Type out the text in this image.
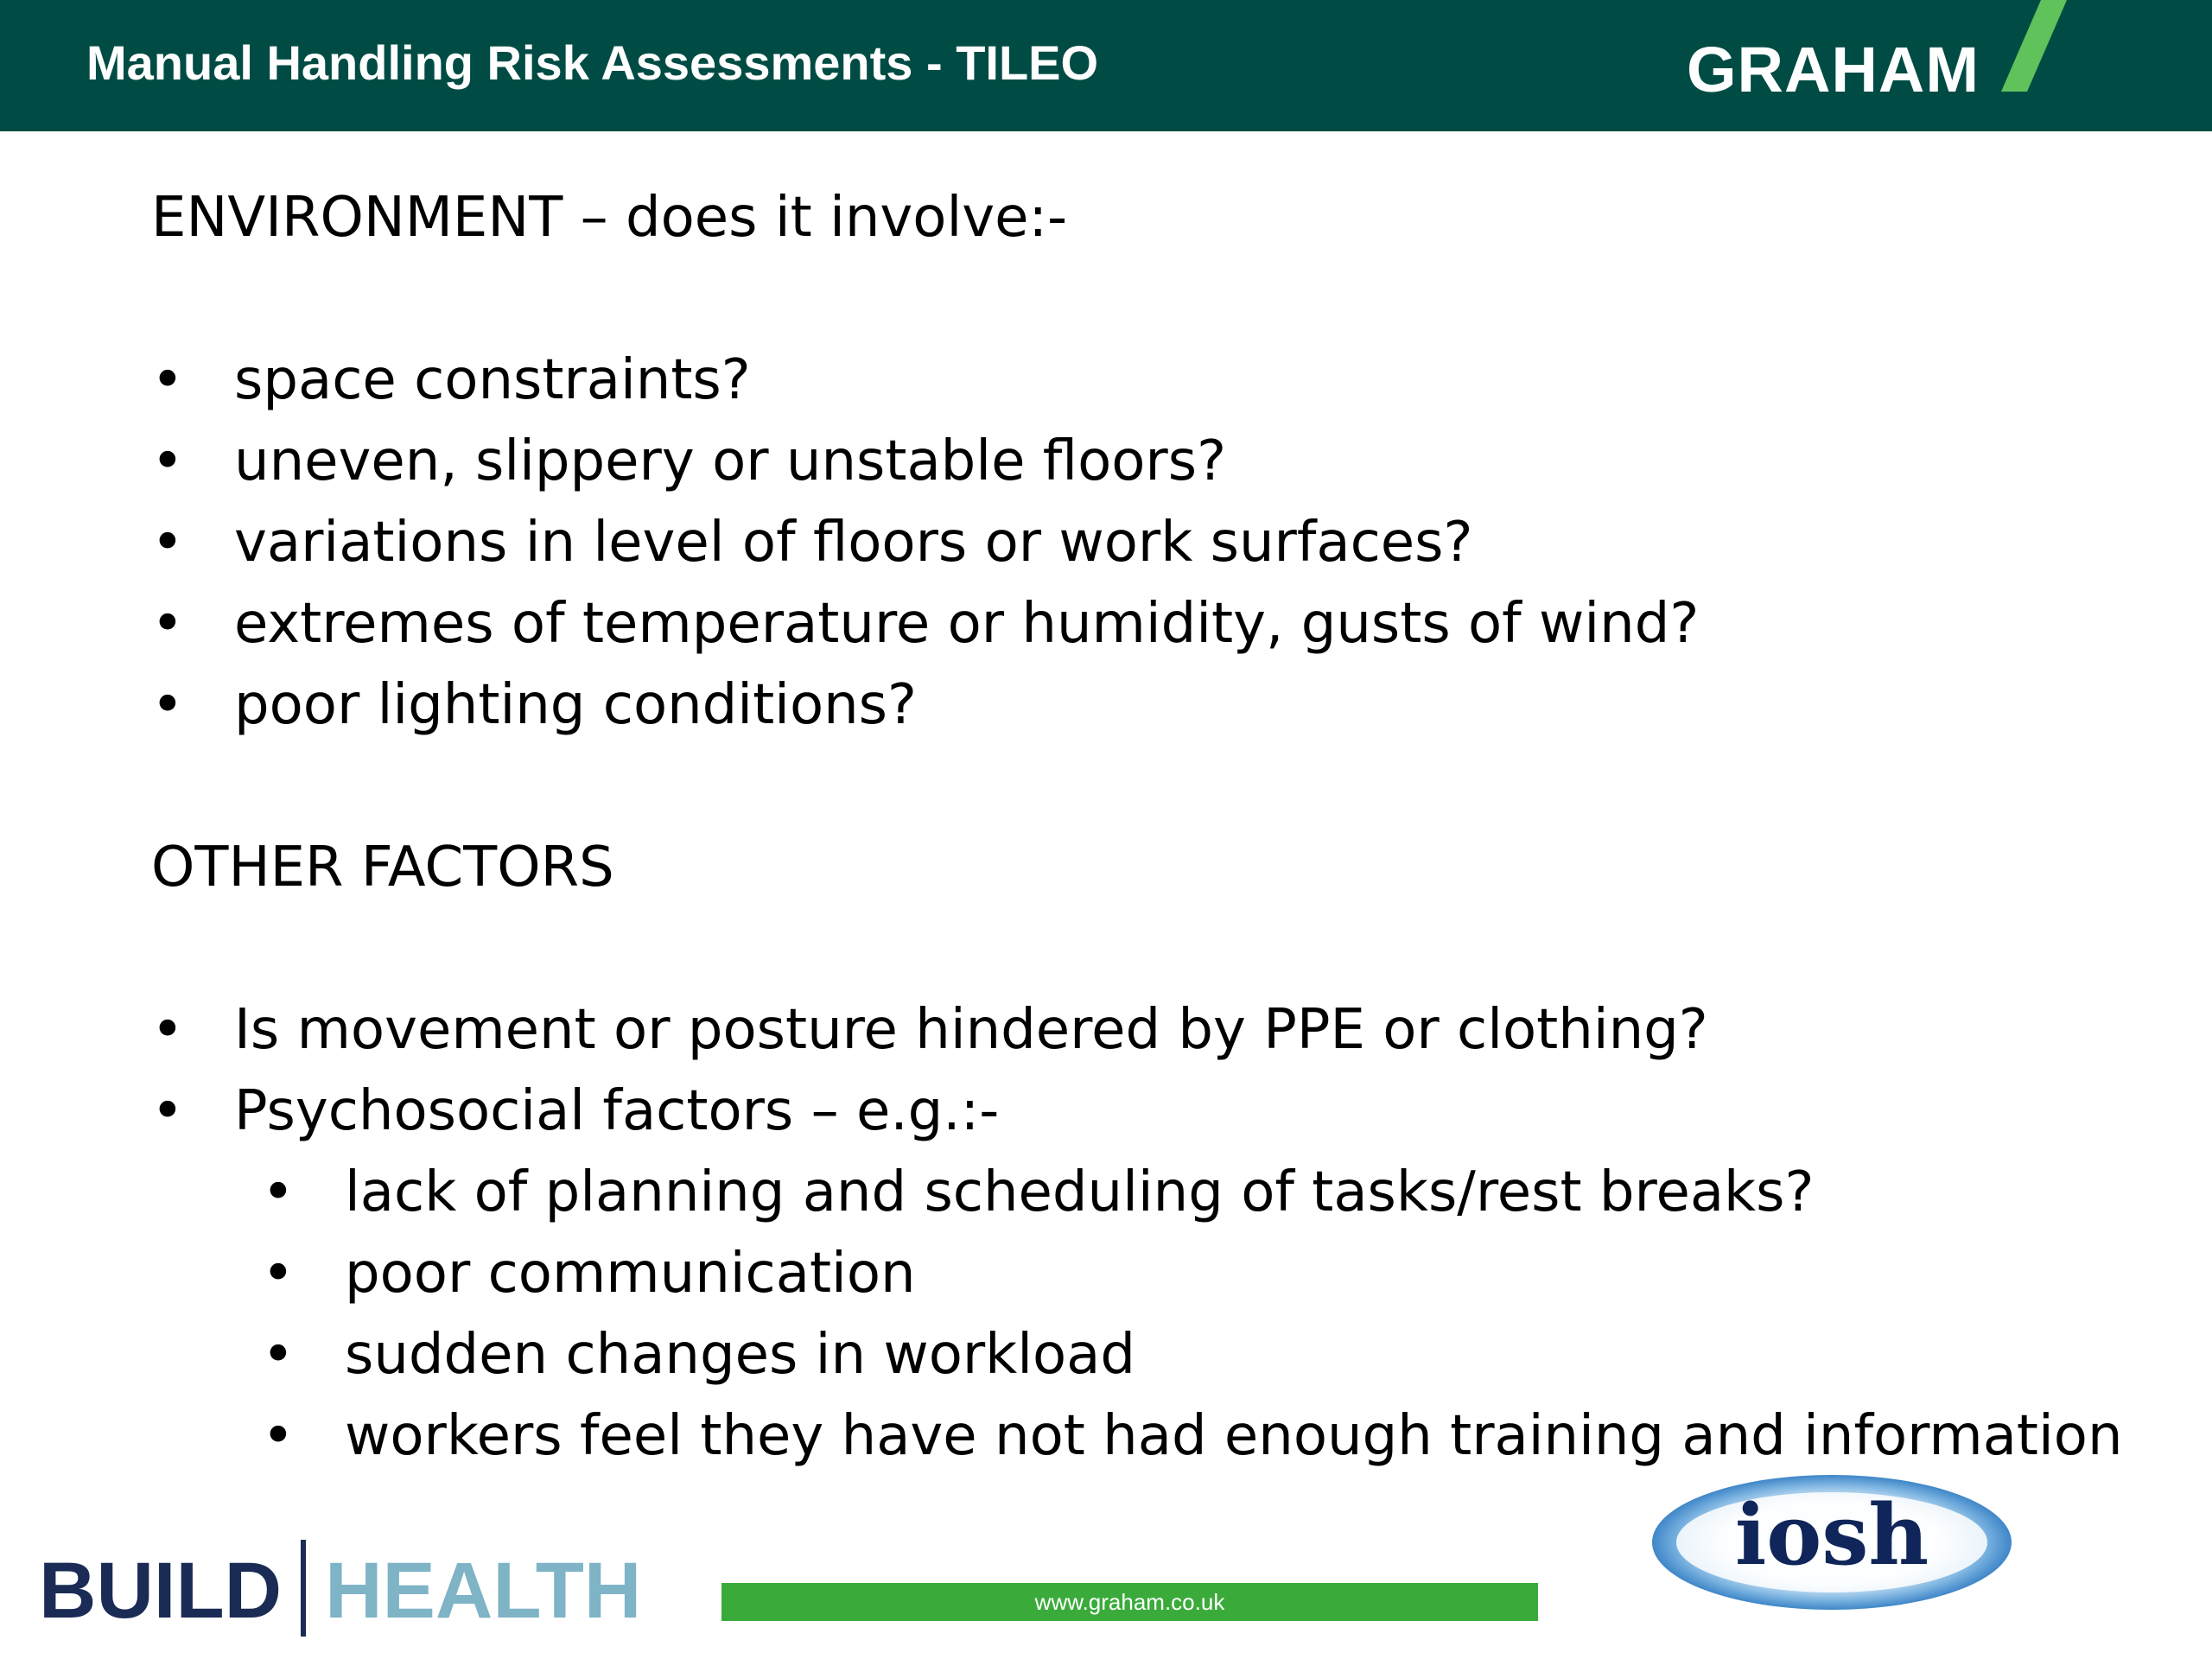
Manual Handling Risk Assessments - TILEO	GRAHAM

ENVIRONMENT – does it involve:-

• space constraints?
• uneven, slippery or unstable floors?
• variations in level of floors or work surfaces?
• extremes of temperature or humidity, gusts of wind?
• poor lighting conditions?

OTHER FACTORS

• Is movement or posture hindered by PPE or clothing?
• Psychosocial factors – e.g.:-
• lack of planning and scheduling of tasks/rest breaks?
• poor communication
• sudden changes in workload
• workers feel they have not had enough training and information
BUILD HEALTH	www.graham.co.uk
iosh
